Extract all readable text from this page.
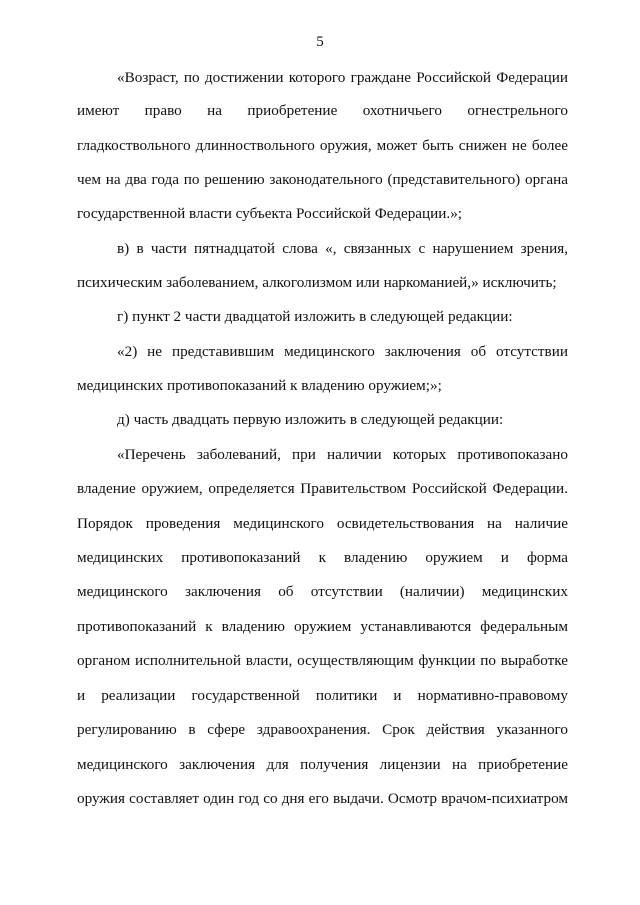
5
«Возраст, по достижении которого граждане Российской Федерации
имеют право на приобретение охотничьего огнестрельного
гладкоствольного длинноствольного оружия, может быть снижен не более
чем на два года по решению законодательного (представительного) органа
государственной власти субъекта Российской Федерации.»;
в) в части пятнадцатой слова «, связанных с нарушением зрения,
психическим заболеванием, алкоголизмом или наркоманией,» исключить;
г) пункт 2 части двадцатой изложить в следующей редакции:
«2) не представившим медицинского заключения об отсутствии
медицинских противопоказаний к владению оружием;»;
д) часть двадцать первую изложить в следующей редакции:
«Перечень заболеваний, при наличии которых противопоказано
владение оружием, определяется Правительством Российской Федерации.
Порядок проведения медицинского освидетельствования на наличие
медицинских противопоказаний к владению оружием и форма
медицинского заключения об отсутствии (наличии) медицинских
противопоказаний к владению оружием устанавливаются федеральным
органом исполнительной власти, осуществляющим функции по выработке
и реализации государственной политики и нормативно-правовому
регулированию в сфере здравоохранения. Срок действия указанного
медицинского заключения для получения лицензии на приобретение
оружия составляет один год со дня его выдачи. Осмотр врачом-психиатром
